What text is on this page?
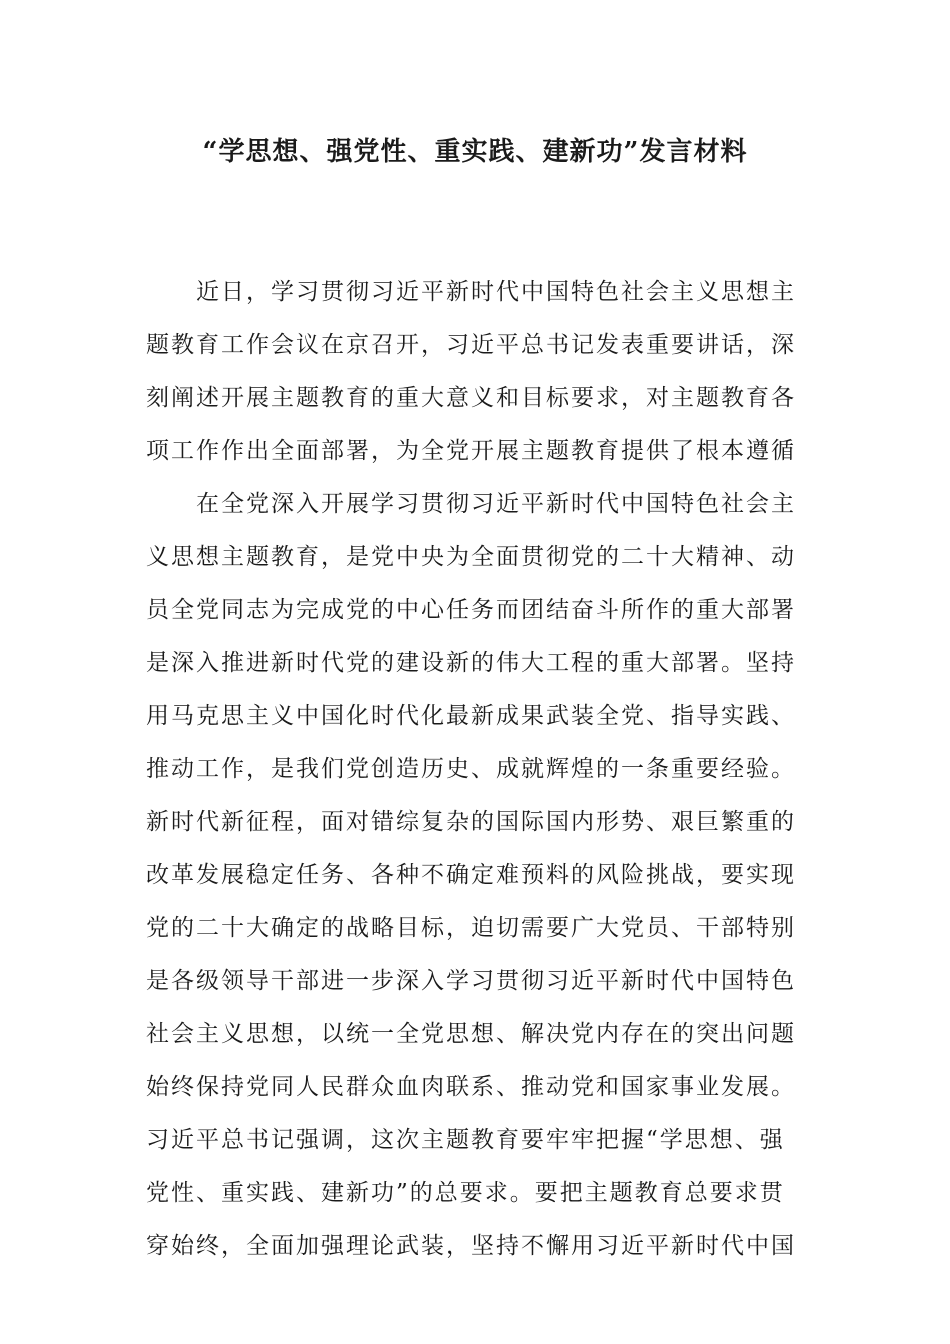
“学思想、强党性、重实践、建新功”发言材料
近日，学习贯彻习近平新时代中国特色社会主义思想主
题教育工作会议在京召开，习近平总书记发表重要讲话，深
刻阐述开展主题教育的重大意义和目标要求，对主题教育各
项工作作出全面部署，为全党开展主题教育提供了根本遵循
在全党深入开展学习贯彻习近平新时代中国特色社会主
义思想主题教育，是党中央为全面贯彻党的二十大精神、动
员全党同志为完成党的中心任务而团结奋斗所作的重大部署
是深入推进新时代党的建设新的伟大工程的重大部署。坚持
用马克思主义中国化时代化最新成果武装全党、指导实践、
推动工作，是我们党创造历史、成就辉煌的一条重要经验。
新时代新征程，面对错综复杂的国际国内形势、艰巨繁重的
改革发展稳定任务、各种不确定难预料的风险挑战，要实现
党的二十大确定的战略目标，迫切需要广大党员、干部特别
是各级领导干部进一步深入学习贯彻习近平新时代中国特色
社会主义思想，以统一全党思想、解决党内存在的突出问题
始终保持党同人民群众血肉联系、推动党和国家事业发展。
习近平总书记强调，这次主题教育要牢牢把握“学思想、强
党性、重实践、建新功”的总要求。要把主题教育总要求贯
穿始终，全面加强理论武装，坚持不懈用习近平新时代中国
